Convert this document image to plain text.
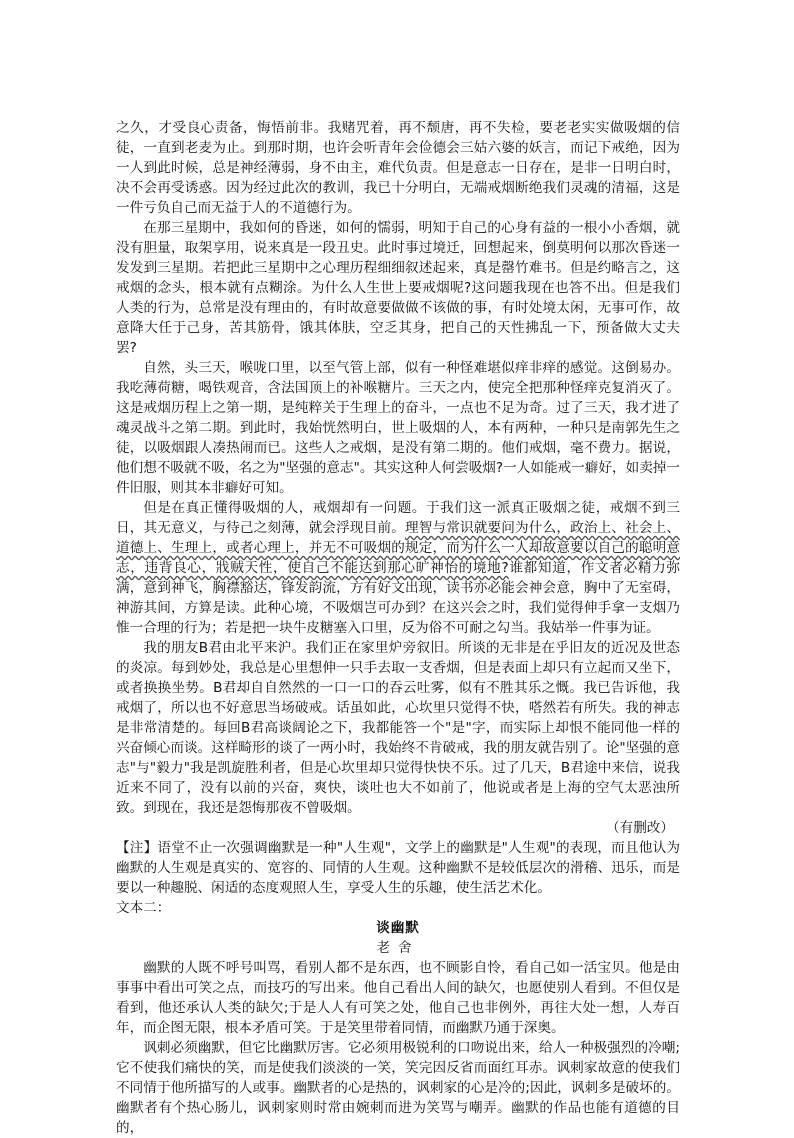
之久，才受良心责备，悔悟前非。我赌咒着，再不颓唐，再不失检，要老老实实做吸烟的信徒，一直到老麦为止。到那时期，也许会听青年会俭德会三姑六婆的妖言，而记下戒绝，因为一人到此时候，总是神经薄弱，身不由主，难代负责。但是意志一日存在，是非一日明白时，决不会再受诱惑。因为经过此次的教训，我已十分明白，无端戒烟断绝我们灵魂的清福，这是一件亏负自己而无益于人的不道德行为。

在那三星期中，我如何的昏迷，如何的懦弱，明知于自己的心身有益的一根小小香烟，就没有胆量，取架享用，说来真是一段丑史。此时事过境迁，回想起来，倒莫明何以那次昏迷一发发到三星期。若把此三星期中之心理历程细细叙述起来，真是罄竹难书。但是约略言之，这戒烟的念头，根本就有点糊涂。为什么人生世上要戒烟呢?这问题我现在也答不出。但是我们人类的行为，总常是没有理由的，有时故意要做做不该做的事，有时处境太闲，无事可作，故意降大任于己身，苦其筋骨，饿其体肤，空乏其身，把自己的天性拂乱一下，预备做大丈夫罢?

自然，头三天，喉咙口里，以至气管上部，似有一种怪难堪似痒非痒的感觉。这倒易办。我吃薄荷糖，喝铁观音，含法国顶上的补喉糖片。三天之内，使完全把那种怪痒克复消灭了。这是戒烟历程上之第一期，是纯粹关于生理上的奋斗，一点也不足为奇。过了三天，我才进了魂灵战斗之第二期。到此时，我始恍然明白，世上吸烟的人，本有两种，一种只是南郭先生之徒，以吸烟跟人凑热闹而已。这些人之戒烟，是没有第二期的。他们戒烟，毫不费力。据说，他们想不吸就不吸，名之为"坚强的意志"。其实这种人何尝吸烟?一人如能戒一癖好，如卖掉一件旧服，则其本非癖好可知。

但是在真正懂得吸烟的人，戒烟却有一问题。于我们这一派真正吸烟之徒，戒烟不到三日，其无意义，与待己之刻薄，就会浮现目前。理智与常识就要问为什么，政治上、社会上、道德上、生理上，或者心理上，并无不可吸烟的规定，而为什么一人却故意要以自己的聪明意志，违背良心，戕贼天性，使自己不能达到那心旷神怡的境地?谁都知道，作文者必精力弥满，意到神飞，胸襟豁达，锋发韵流，方有好文出现，读书亦必能会神会意，胸中了无室碍，神游其间，方算是读。此种心境，不吸烟岂可办到？在这兴会之时，我们觉得伸手拿一支烟乃惟一合理的行为；若是把一块牛皮糖塞入口里，反为俗不可耐之勾当。我姑举一件事为证。

我的朋友B君由北平来沪。我们正在家里炉旁叙旧。所谈的无非是在乎旧友的近况及世态的炎凉。每到妙处，我总是心里想伸一只手去取一支香烟，但是表面上却只有立起而又坐下，或者换换坐势。B君却自自然然的一口一口的吞云吐雾，似有不胜其乐之慨。我已告诉他，我戒烟了，所以也不好意思当场破戒。话虽如此，心坎里只觉得不快，嗒然若有所失。我的神志是非常清楚的。每回B君高谈阔论之下，我都能答一个"是"字，而实际上却恨不能同他一样的兴奋倾心而谈。这样畸形的谈了一两小时，我始终不肯破戒，我的朋友就告别了。论"坚强的意志"与"毅力"我是凯旋胜利者，但是心坎里却只觉得快快不乐。过了几天，B君途中来信，说我近来不同了，没有以前的兴奋，爽快，谈吐也大不如前了，他说或者是上海的空气太恶浊所致。到现在，我还是怨悔那夜不曾吸烟。

（有删改）

【注】语堂不止一次强调幽默是一种"人生观"，文学上的幽默是"人生观"的表现，而且他认为幽默的人生观是真实的、宽容的、同情的人生观。这种幽默不是较低层次的滑稽、迅乐，而是要以一种趣脱、闲适的态度观照人生，享受人生的乐趣，使生活艺术化。

文本二：

谈幽默

老舍

幽默的人既不呼号叫骂，看别人都不是东西，也不顾影自怜，看自己如一活宝贝。他是由事事中看出可笑之点，而技巧的写出来。他自己看出人间的缺欠，也愿使别人看到。不但仅是看到，他还承认人类的缺欠;于是人人有可笑之处，他自己也非例外，再往大处一想，人寿百年，而企图无限，根本矛盾可笑。于是笑里带着同情，而幽默乃通于深奥。

讽刺必须幽默，但它比幽默厉害。它必须用极锐利的口吻说出来，给人一种极强烈的冷嘲;它不使我们痛快的笑，而是使我们淡淡的一笑，笑完因反省而面红耳赤。讽刺家故意的使我们不同情于他所描写的人或事。幽默者的心是热的，讽刺家的心是冷的;因此，讽刺多是破坏的。幽默者有个热心肠儿，讽刺家则时常由婉刺而进为笑骂与嘲弄。幽默的作品也能有道德的目的，
